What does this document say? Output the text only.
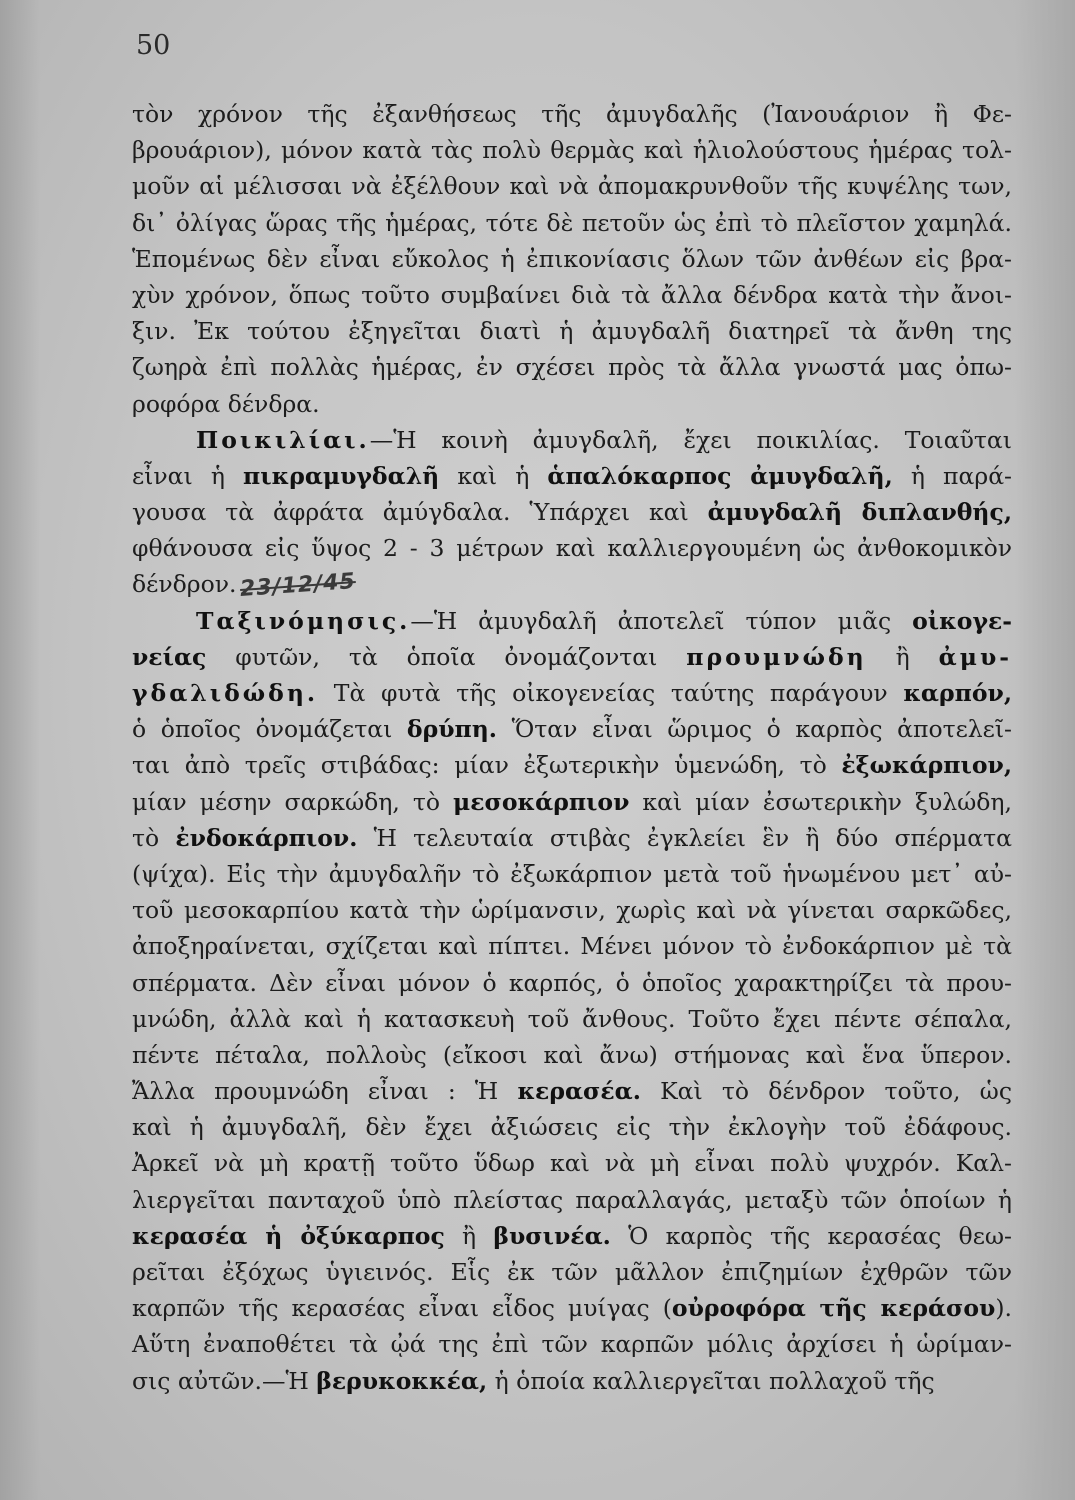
50
τὸν χρόνον τῆς ἐξανθήσεως τῆς ἀμυγδαλῆς (Ἰανουάριον ἢ Φε-
βρουάριον), μόνον κατὰ τὰς πολὺ θερμὰς καὶ ἡλιολούστους ἡμέρας τολ-
μοῦν αἱ μέλισσαι νὰ ἐξέλθουν καὶ νὰ ἀπομακρυνθοῦν τῆς κυψέλης των,
δι᾽ ὀλίγας ὥρας τῆς ἡμέρας, τότε δὲ πετοῦν ὡς ἐπὶ τὸ πλεῖστον χαμηλά.
Ἑπομένως δὲν εἶναι εὔκολος ἡ ἐπικονίασις ὅλων τῶν ἀνθέων εἰς βρα-
χὺν χρόνον, ὅπως τοῦτο συμβαίνει διὰ τὰ ἄλλα δένδρα κατὰ τὴν ἄνοι-
ξιν. Ἐκ τούτου ἐξηγεῖται διατὶ ἡ ἀμυγδαλῆ διατηρεῖ τὰ ἄνθη της
ζωηρὰ ἐπὶ πολλὰς ἡμέρας, ἐν σχέσει πρὸς τὰ ἄλλα γνωστά μας ὀπω-
ροφόρα δένδρα.
Ποικιλίαι.—Ἡ κοινὴ ἀμυγδαλῆ, ἔχει ποικιλίας. Τοιαῦται
εἶναι ἡ πικραμυγδαλῆ καὶ ἡ ἁπαλόκαρπος ἀμυγδαλῆ, ἡ παρά-
γουσα τὰ ἀφράτα ἀμύγδαλα. Ὑπάρχει καὶ ἀμυγδαλῆ διπλανθής,
φθάνουσα εἰς ὕψος 2 - 3 μέτρων καὶ καλλιεργουμένη ὡς ἀνθοκομικὸν
δένδρον. 23/12/45
Ταξινόμησις.—Ἡ ἀμυγδαλῆ ἀποτελεῖ τύπον μιᾶς οἰκογε-
νείας φυτῶν, τὰ ὁποῖα ὀνομάζονται προυμνώδη ἢ ἀμυ-
γδαλιδώδη. Τὰ φυτὰ τῆς οἰκογενείας ταύτης παράγουν καρπόν,
ὁ ὁποῖος ὀνομάζεται δρύπη. Ὅταν εἶναι ὥριμος ὁ καρπὸς ἀποτελεῖ-
ται ἀπὸ τρεῖς στιβάδας: μίαν ἐξωτερικὴν ὑμενώδη, τὸ ἐξωκάρπιον,
μίαν μέσην σαρκώδη, τὸ μεσοκάρπιον καὶ μίαν ἐσωτερικὴν ξυλώδη,
τὸ ἐνδοκάρπιον. Ἡ τελευταία στιβὰς ἐγκλείει ἓν ἢ δύο σπέρματα
(ψίχα). Εἰς τὴν ἀμυγδαλῆν τὸ ἐξωκάρπιον μετὰ τοῦ ἡνωμένου μετ᾽ αὐ-
τοῦ μεσοκαρπίου κατὰ τὴν ὡρίμανσιν, χωρὶς καὶ νὰ γίνεται σαρκῶδες,
ἀποξηραίνεται, σχίζεται καὶ πίπτει. Μένει μόνον τὸ ἐνδοκάρπιον μὲ τὰ
σπέρματα. Δὲν εἶναι μόνον ὁ καρπός, ὁ ὁποῖος χαρακτηρίζει τὰ πρου-
μνώδη, ἀλλὰ καὶ ἡ κατασκευὴ τοῦ ἄνθους. Τοῦτο ἔχει πέντε σέπαλα,
πέντε πέταλα, πολλοὺς (εἴκοσι καὶ ἄνω) στήμονας καὶ ἕνα ὕπερον.
Ἄλλα προυμνώδη εἶναι : Ἡ κερασέα. Καὶ τὸ δένδρον τοῦτο, ὡς
καὶ ἡ ἀμυγδαλῆ, δὲν ἔχει ἀξιώσεις εἰς τὴν ἐκλογὴν τοῦ ἐδάφους.
Ἀρκεῖ νὰ μὴ κρατῇ τοῦτο ὕδωρ καὶ νὰ μὴ εἶναι πολὺ ψυχρόν. Καλ-
λιεργεῖται πανταχοῦ ὑπὸ πλείστας παραλλαγάς, μεταξὺ τῶν ὁποίων ἡ
κερασέα ἡ ὀξύκαρπος ἢ βυσινέα. Ὁ καρπὸς τῆς κερασέας θεω-
ρεῖται ἐξόχως ὑγιεινός. Εἷς ἐκ τῶν μᾶλλον ἐπιζημίων ἐχθρῶν τῶν
καρπῶν τῆς κερασέας εἶναι εἶδος μυίγας (οὐροφόρα τῆς κεράσου).
Αὕτη ἐναποθέτει τὰ ᾠά της ἐπὶ τῶν καρπῶν μόλις ἀρχίσει ἡ ὡρίμαν-
σις αὐτῶν.—Ἡ βερυκοκκέα, ἡ ὁποία καλλιεργεῖται πολλαχοῦ τῆς
